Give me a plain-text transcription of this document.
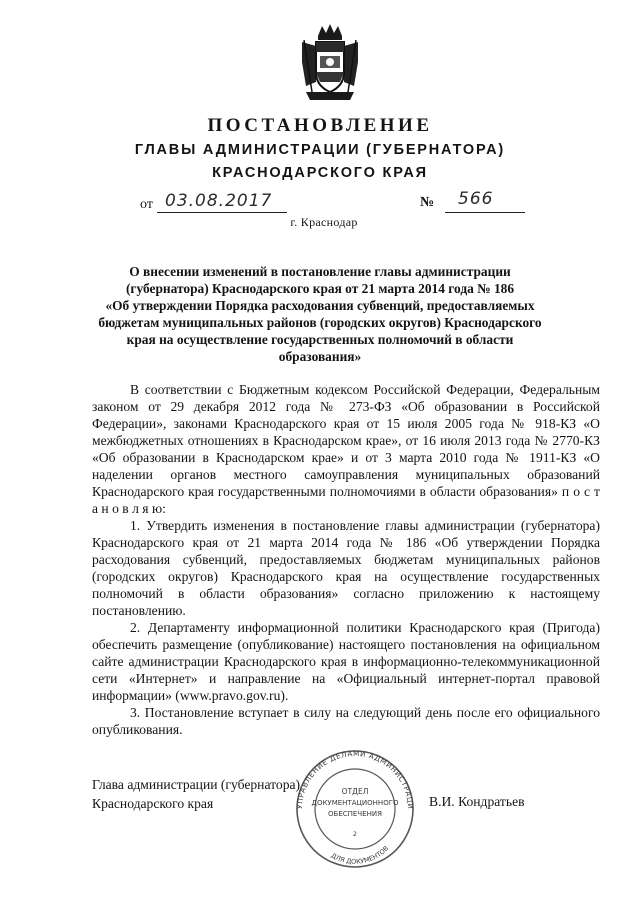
ПОСТАНОВЛЕНИЕ
ГЛАВЫ АДМИНИСТРАЦИИ (ГУБЕРНАТОРА)
КРАСНОДАРСКОГО КРАЯ
от 03.08.2017	№ 566
г. Краснодар
О внесении изменений в постановление главы администрации
(губернатора) Краснодарского края от 21 марта 2014 года № 186
«Об утверждении Порядка расходования субвенций, предоставляемых
бюджетам муниципальных районов (городских округов) Краснодарского
края на осуществление государственных полномочий в области
образования»

В соответствии с Бюджетным кодексом Российской Федерации, Федеральным законом от 29 декабря 2012 года № 273-ФЗ «Об образовании в Российской Федерации», законами Краснодарского края от 15 июля 2005 года № 918-КЗ «О межбюджетных отношениях в Краснодарском крае», от 16 июля 2013 года № 2770-КЗ «Об образовании в Краснодарском крае» и от 3 марта 2010 года № 1911-КЗ «О наделении органов местного самоуправления муниципальных образований Краснодарского края государственными полномочиями в области образования» п о с т а н о в л я ю:

1. Утвердить изменения в постановление главы администрации (губернатора) Краснодарского края от 21 марта 2014 года № 186 «Об утверждении Порядка расходования субвенций, предоставляемых бюджетам муниципальных районов (городских округов) Краснодарского края на осуществление государственных полномочий в области образования» согласно приложению к настоящему постановлению.

2. Департаменту информационной политики Краснодарского края (Пригода) обеспечить размещение (опубликование) настоящего постановления на официальном сайте администрации Краснодарского края в информационно-телекоммуникационной сети «Интернет» и направление на «Официальный интернет-портал правовой информации» (www.pravo.gov.ru).

3. Постановление вступает в силу на следующий день после его официального опубликования.

Глава администрации (губернатора)
Краснодарского края	В.И. Кондратьев
УПРАВЛЕНИЕ ДЕЛАМИ АДМИНИСТРАЦИ
ДЛЯ ДОКУМЕНТОВ
ОТДЕЛ
ДОКУМЕНТАЦИОННОГО
ОБЕСПЕЧЕНИЯ
2
